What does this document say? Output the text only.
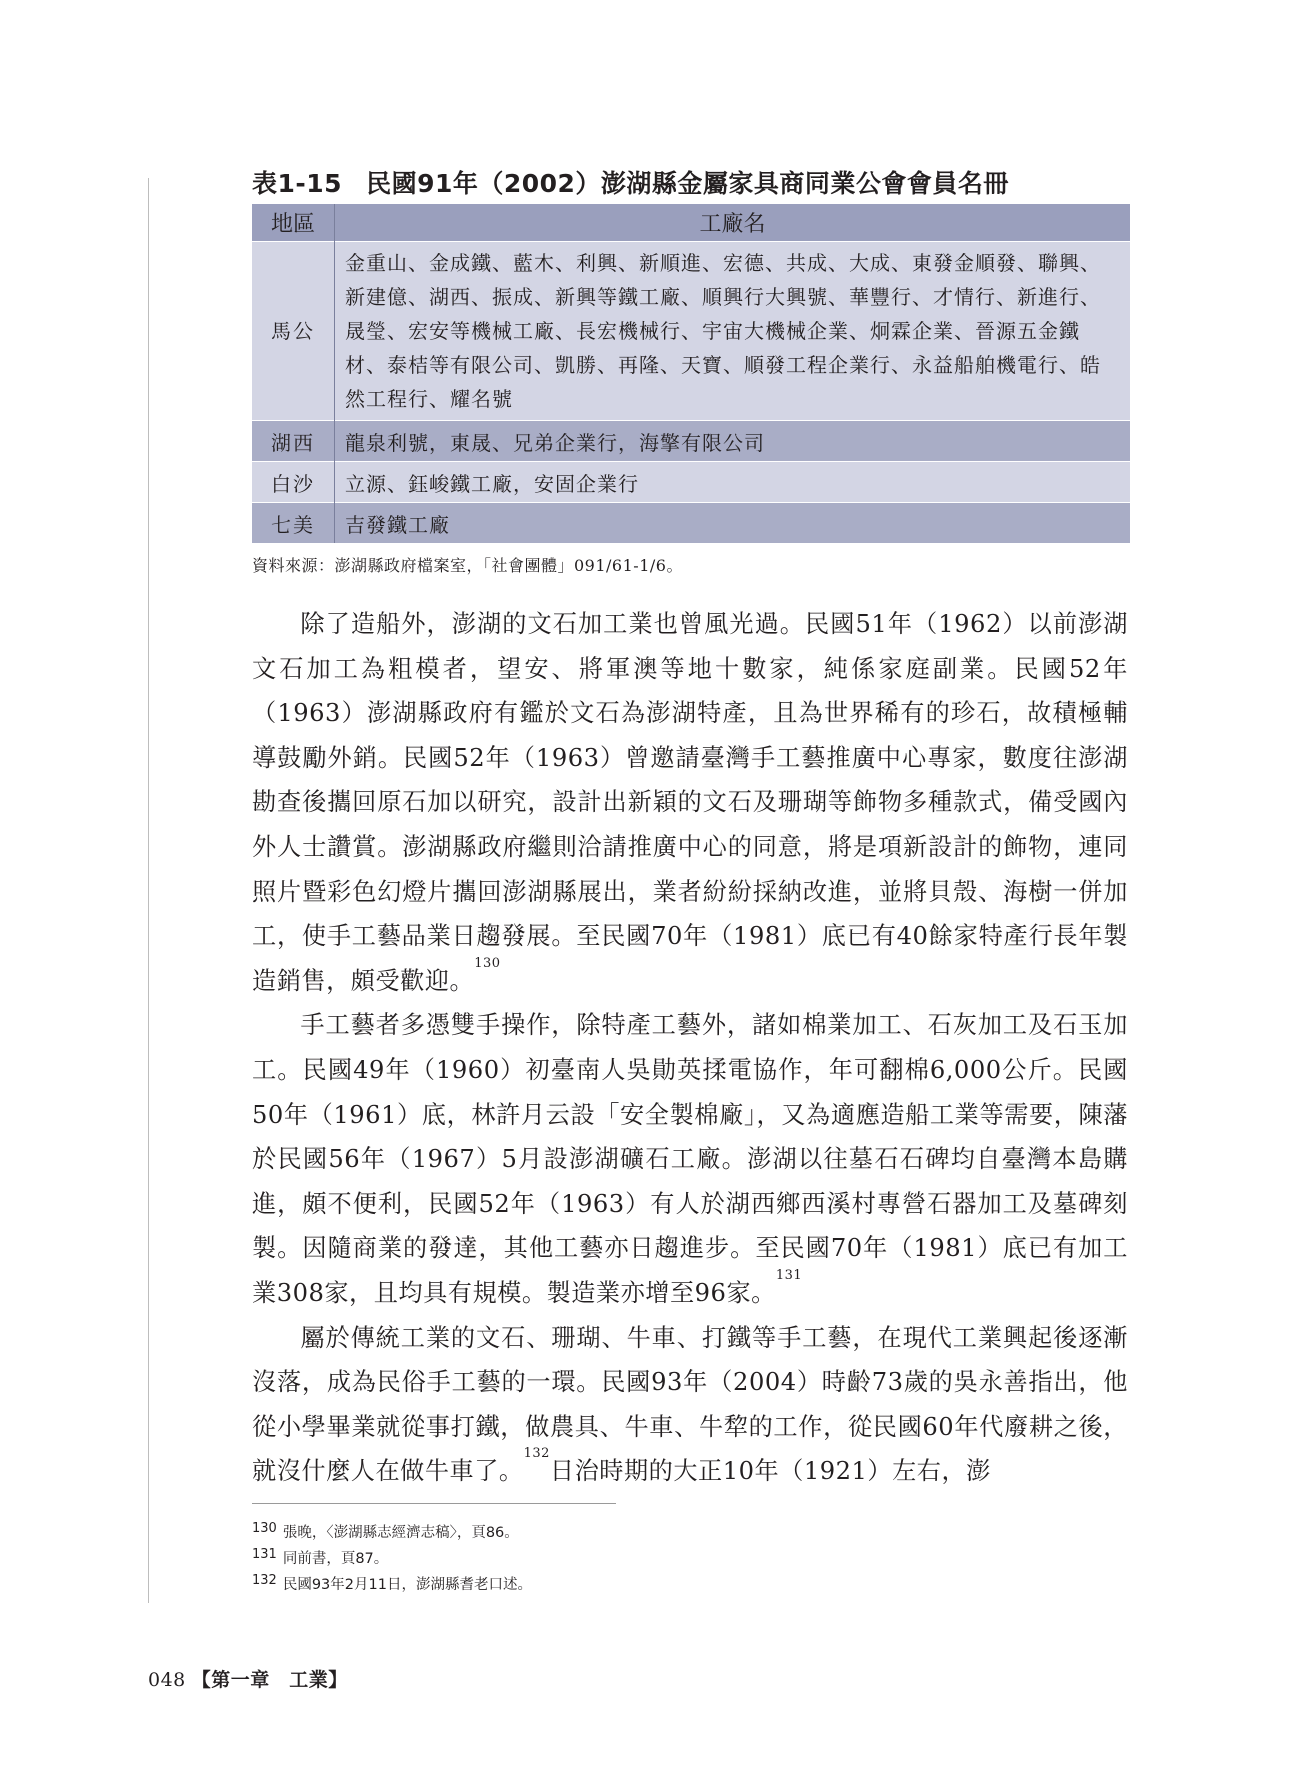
表1-15 民國91年（2002）澎湖縣金屬家具商同業公會會員名冊
地區	工廠名
馬公	金重山、金成鐵、藍木、利興、新順進、宏德、共成、大成、東發金順發、聯興、新建億、湖西、振成、新興等鐵工廠、順興行大興號、華豐行、才情行、新進行、晟瑩、宏安等機械工廠、長宏機械行、宇宙大機械企業、炯霖企業、晉源五金鐵材、泰桔等有限公司、凱勝、再隆、天寶、順發工程企業行、永益船舶機電行、皓然工程行、耀名號
湖西	龍泉利號，東晟、兄弟企業行，海擎有限公司
白沙	立源、鈺峻鐵工廠，安固企業行
七美	吉發鐵工廠
資料來源：澎湖縣政府檔案室，「社會團體」091/61-1/6。

除了造船外，澎湖的文石加工業也曾風光過。民國51年（1962）以前澎湖文石加工為粗模者，望安、將軍澳等地十數家，純係家庭副業。民國52年（1963）澎湖縣政府有鑑於文石為澎湖特產，且為世界稀有的珍石，故積極輔導鼓勵外銷。民國52年（1963）曾邀請臺灣手工藝推廣中心專家，數度往澎湖勘查後攜回原石加以研究，設計出新穎的文石及珊瑚等飾物多種款式，備受國內外人士讚賞。澎湖縣政府繼則洽請推廣中心的同意，將是項新設計的飾物，連同照片暨彩色幻燈片攜回澎湖縣展出，業者紛紛採納改進，並將貝殼、海樹一併加工，使手工藝品業日趨發展。至民國70年（1981）底已有40餘家特產行長年製造銷售，頗受歡迎。$^{130}$

手工藝者多憑雙手操作，除特產工藝外，諸如棉業加工、石灰加工及石玉加工。民國49年（1960）初臺南人吳勛英揉電協作，年可翻棉6,000公斤。民國50年（1961）底，林許月云設「安全製棉廠」，又為適應造船工業等需要，陳藩於民國56年（1967）5月設澎湖礦石工廠。澎湖以往墓石石碑均自臺灣本島購進，頗不便利，民國52年（1963）有人於湖西鄉西溪村專營石器加工及墓碑刻製。因隨商業的發達，其他工藝亦日趨進步。至民國70年（1981）底已有加工業308家，且均具有規模。製造業亦增至96家。$^{131}$

屬於傳統工業的文石、珊瑚、牛車、打鐵等手工藝，在現代工業興起後逐漸沒落，成為民俗手工藝的一環。民國93年（2004）時齡73歲的吳永善指出，他從小學畢業就從事打鐵，做農具、牛車、牛犂的工作，從民國60年代廢耕之後，就沒什麼人在做牛車了。$^{132}$日治時期的大正10年（1921）左右，澎

$^{130}$ 張晚，〈澎湖縣志經濟志稿〉，頁86。
$^{131}$ 同前書，頁87。
$^{132}$ 民國93年2月11日，澎湖縣耆老口述。
048 【第一章　工業】
